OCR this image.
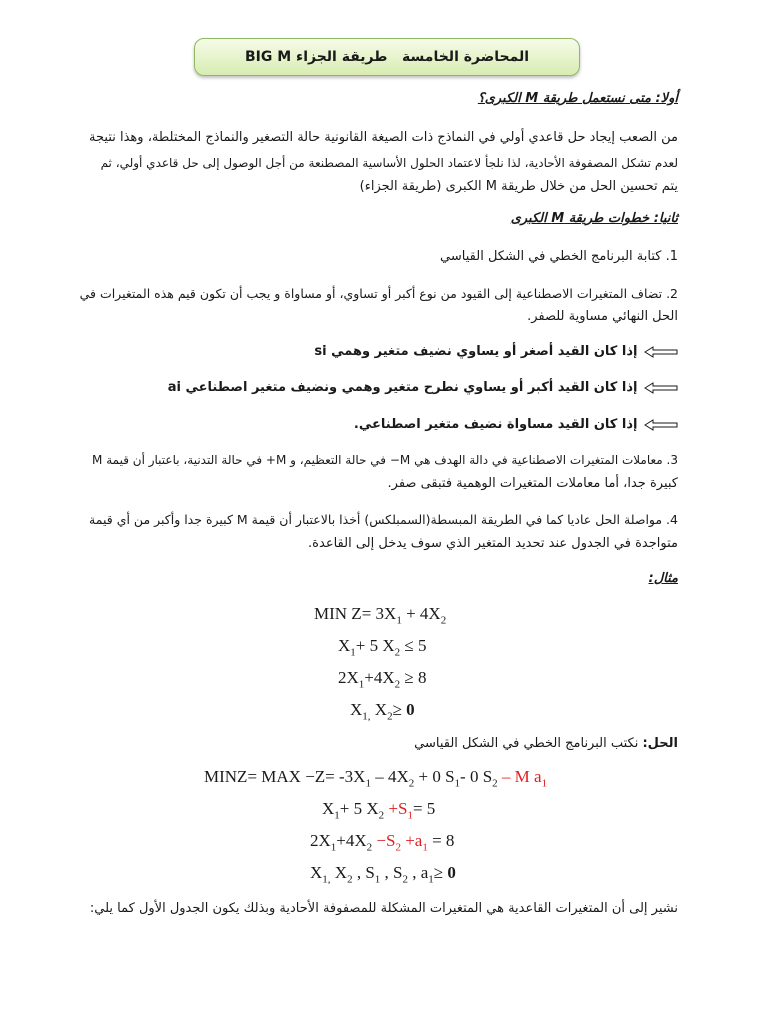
المحاضرة الخامسة   طريقة الجزاء BIG M
أولا: متى نستعمل طريقة M الكبرى؟
من الصعب إيجاد حل قاعدي أولي في النماذج ذات الصيغة القانونية حالة التصغير والنماذج المختلطة، وهذا نتيجة
لعدم تشكل المصفوفة الأحادية، لذا نلجأ لاعتماد الحلول الأساسية المصطنعة من أجل الوصول إلى حل قاعدي أولي، ثم
يتم تحسين الحل من خلال طريقة M الكبرى (طريقة الجزاء)
ثانيا: خطوات طريقة M الكبرى
1. كتابة البرنامج الخطي في الشكل القياسي
2. تضاف المتغيرات الاصطناعية إلى القيود من نوع أكبر أو تساوي، أو مساواة و يجب أن تكون قيم هذه المتغيرات في
الحل النهائي مساوية للصفر.
إذا كان القيد أصغر أو يساوي نضيف متغير وهمي si
إذا كان القيد أكبر أو يساوي نطرح متغير وهمي ونضيف متغير اصطناعي ai
إذا كان القيد مساواة نضيف متغير اصطناعي.
3. معاملات المتغيرات الاصطناعية في دالة الهدف هي M− في حالة التعظيم، و M+ في حالة التدنية، باعتبار أن قيمة M
كبيرة جدا، أما معاملات المتغيرات الوهمية فتبقى صفر.
4. مواصلة الحل عاديا كما في الطريقة المبسطة(السمبلكس) أخذا بالاعتبار أن قيمة M كبيرة جدا وأكبر من أي قيمة
متواجدة في الجدول عند تحديد المتغير الذي سوف يدخل إلى القاعدة.
مثال:
MIN $Z= 3X_1 + 4X_2$
$X_1+ 5$ $X_2 \le 5$
$2X_1+4X_2 \ge 8$
$X_{1,}$ $X_2\ge 0$
الحل: نكتب البرنامج الخطي في الشكل القياسي
MINZ= MAX $-Z= -3X_1 - 4X_2 + 0$ $S_1-$ 0 $S_2$ – M $a_1$
$X_1+ 5$ $X_2 +S_1= 5$
$2X_1+4X_2 -S_2 +a_1 = 8$
$X_{1,}$ $X_2$ , $S_1$ , $S_2$ , $a_1\ge 0$
نشير إلى أن المتغيرات القاعدية هي المتغيرات المشكلة للمصفوفة الأحادية وبذلك يكون الجدول الأول كما يلي:
